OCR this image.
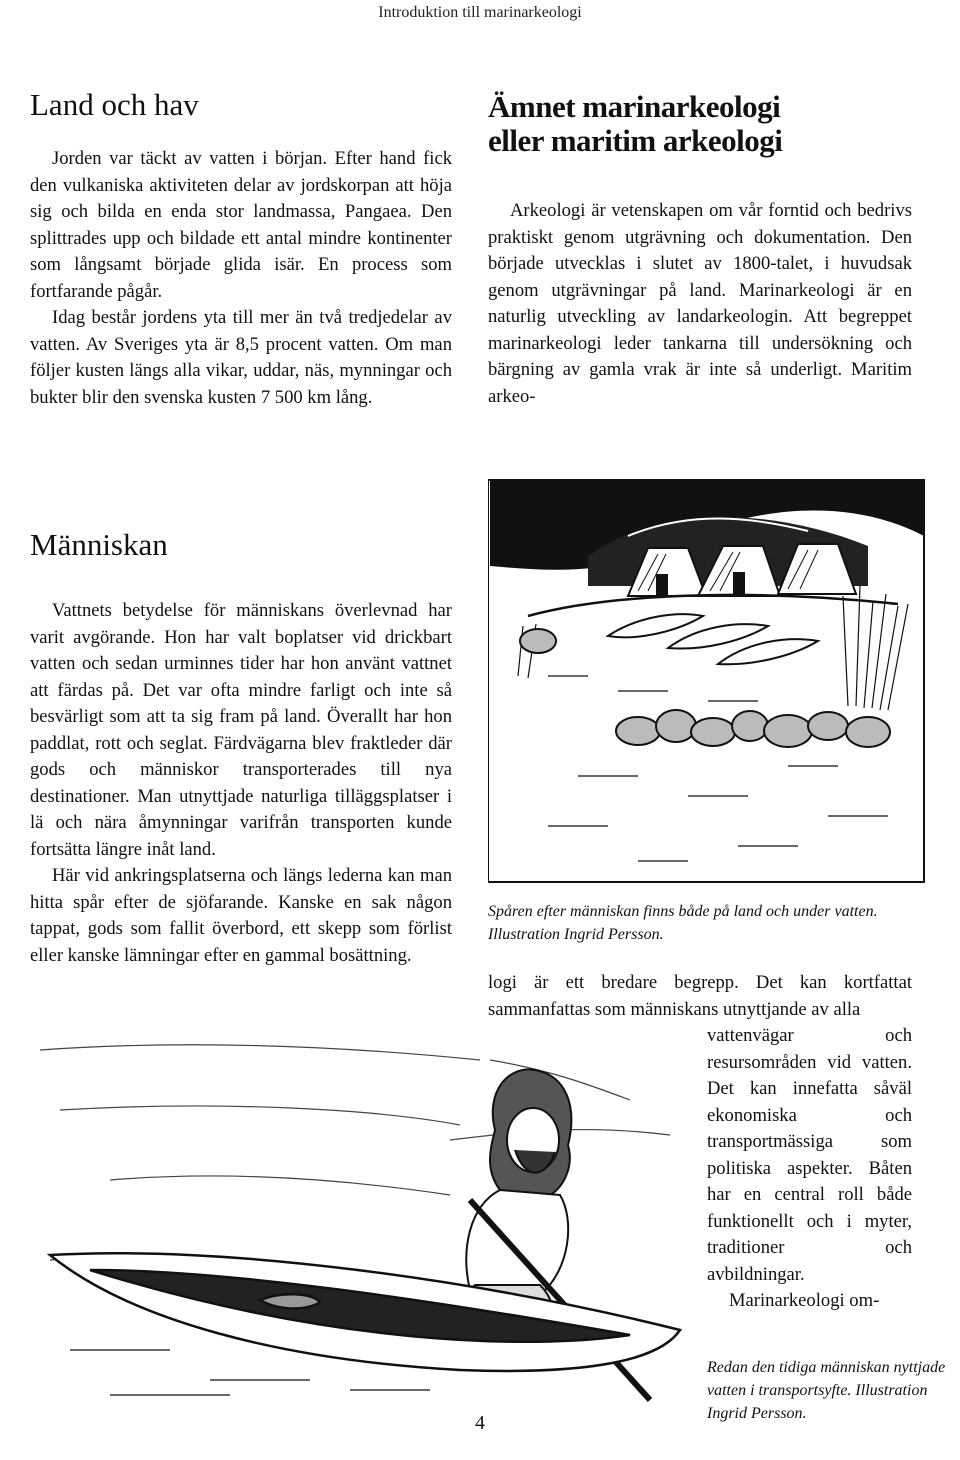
Introduktion till marinarkeologi
Land och hav

Jorden var täckt av vatten i början. Efter hand fick den vulkaniska aktiviteten delar av jordskorpan att höja sig och bilda en enda stor landmassa, Pangaea. Den splittrades upp och bildade ett antal mindre kontinenter som långsamt började glida isär. En process som fortfarande pågår.

Idag består jordens yta till mer än två tredjedelar av vatten. Av Sveriges yta är 8,5 procent vatten. Om man följer kusten längs alla vikar, uddar, näs, mynningar och bukter blir den svenska kusten 7 500 km lång.

Människan

Vattnets betydelse för människans överlevnad har varit avgörande. Hon har valt boplatser vid drickbart vatten och sedan urminnes tider har hon använt vattnet att färdas på. Det var ofta mindre farligt och inte så besvärligt som att ta sig fram på land. Överallt har hon paddlat, rott och seglat. Färdvägarna blev fraktleder där gods och människor transporterades till nya destinationer. Man utnyttjade naturliga tilläggsplatser i lä och nära åmynningar varifrån transporten kunde fortsätta längre inåt land.

Här vid ankringsplatserna och längs lederna kan man hitta spår efter de sjöfarande. Kanske en sak någon tappat, gods som fallit överbord, ett skepp som förlist eller kanske lämningar efter en gammal bosättning.

Ämnet marinarkeologi
eller maritim arkeologi

Arkeologi är vetenskapen om vår forntid och bedrivs praktiskt genom utgrävning och dokumentation. Den började utvecklas i slutet av 1800-talet, i huvudsak genom utgrävningar på land. Marinarkeologi är en naturlig utveckling av landarkeologin. Att begreppet marinarkeologi leder tankarna till undersökning och bärgning av gamla vrak är inte så underligt. Maritim arkeo-

Spåren efter människan finns både på land och under vatten. Illustration Ingrid Persson.

logi är ett bredare begrepp. Det kan kortfattat sammanfattas som människans utnyttjande av alla

vattenvägar och resursområden vid vatten. Det kan innefatta såväl ekonomiska och transportmässiga som politiska aspekter. Båten har en central roll både funktionellt och i myter, traditioner och avbildningar.

Marinarkeologi om-

Redan den tidiga människan nyttjade vatten i transportsyfte. Illustration Ingrid Persson.
4
